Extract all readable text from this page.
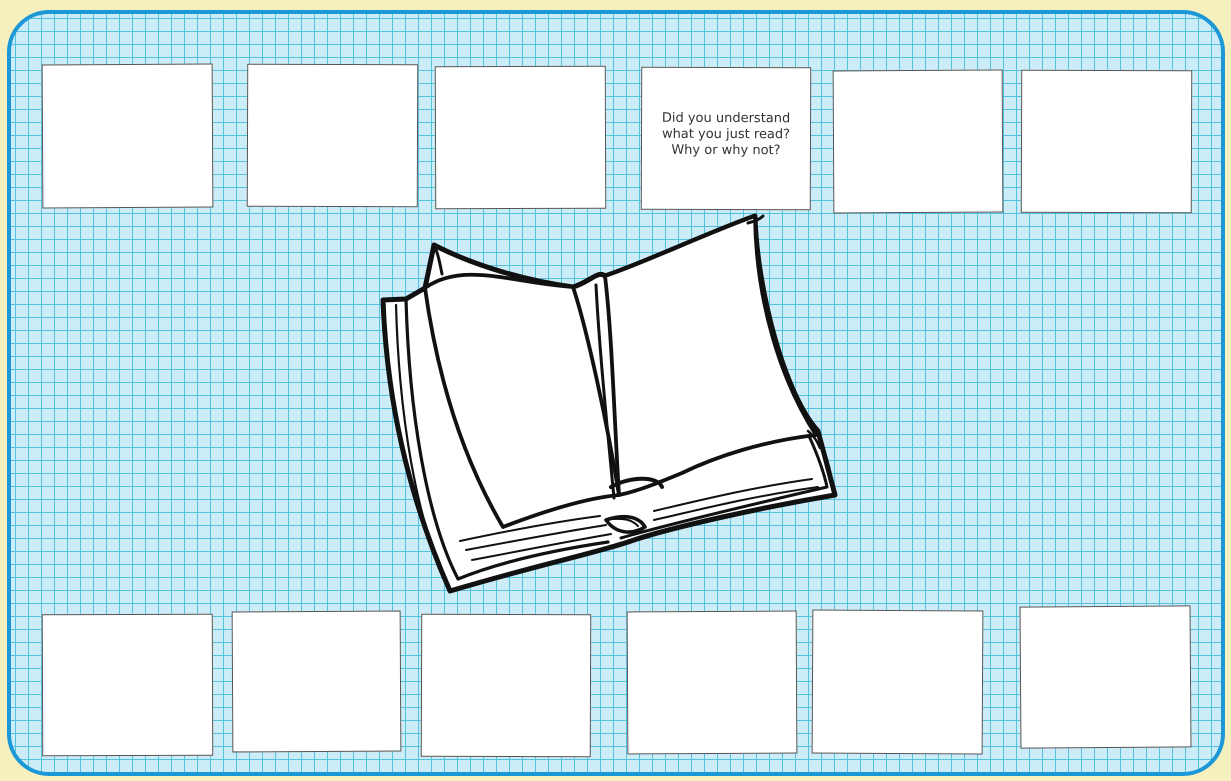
Did you understand
what you just read?
Why or why not?
